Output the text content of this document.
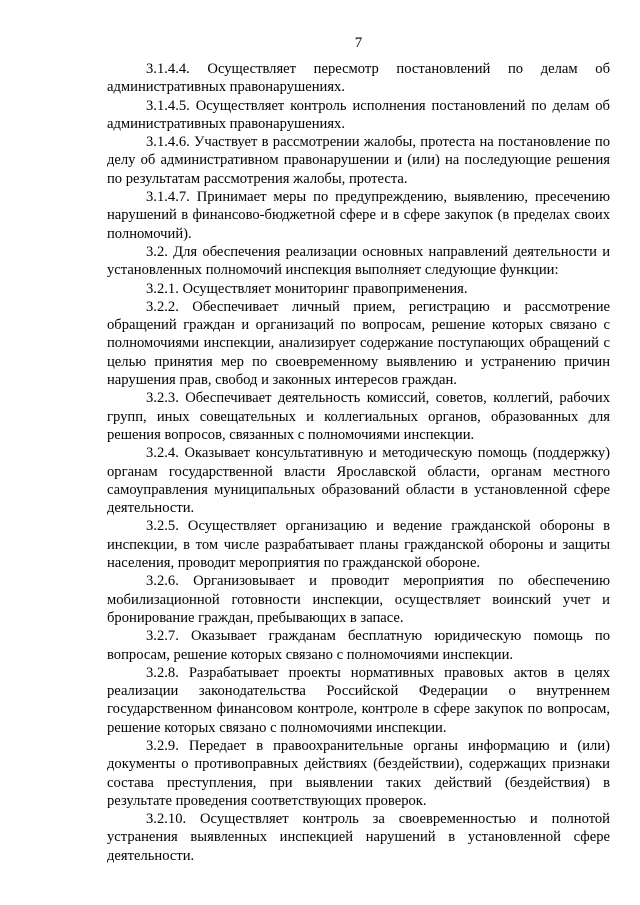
7

3.1.4.4. Осуществляет пересмотр постановлений по делам об административных правонарушениях.

3.1.4.5. Осуществляет контроль исполнения постановлений по делам об административных правонарушениях.

3.1.4.6. Участвует в рассмотрении жалобы, протеста на постановление по делу об административном правонарушении и (или) на последующие решения по результатам рассмотрения жалобы, протеста.

3.1.4.7. Принимает меры по предупреждению, выявлению, пресечению нарушений в финансово-бюджетной сфере и в сфере закупок (в пределах своих полномочий).

3.2. Для обеспечения реализации основных направлений деятельности и установленных полномочий инспекция выполняет следующие функции:

3.2.1. Осуществляет мониторинг правоприменения.

3.2.2. Обеспечивает личный прием, регистрацию и рассмотрение обращений граждан и организаций по вопросам, решение которых связано с полномочиями инспекции, анализирует содержание поступающих обращений с целью принятия мер по своевременному выявлению и устранению причин нарушения прав, свобод и законных интересов граждан.

3.2.3. Обеспечивает деятельность комиссий, советов, коллегий, рабочих групп, иных совещательных и коллегиальных органов, образованных для решения вопросов, связанных с полномочиями инспекции.

3.2.4. Оказывает консультативную и методическую помощь (поддержку) органам государственной власти Ярославской области, органам местного самоуправления муниципальных образований области в установленной сфере деятельности.

3.2.5. Осуществляет организацию и ведение гражданской обороны в инспекции, в том числе разрабатывает планы гражданской обороны и защиты населения, проводит мероприятия по гражданской обороне.

3.2.6. Организовывает и проводит мероприятия по обеспечению мобилизационной готовности инспекции, осуществляет воинский учет и бронирование граждан, пребывающих в запасе.

3.2.7. Оказывает гражданам бесплатную юридическую помощь по вопросам, решение которых связано с полномочиями инспекции.

3.2.8. Разрабатывает проекты нормативных правовых актов в целях реализации законодательства Российской Федерации о внутреннем государственном финансовом контроле, контроле в сфере закупок по вопросам, решение которых связано с полномочиями инспекции.

3.2.9. Передает в правоохранительные органы информацию и (или) документы о противоправных действиях (бездействии), содержащих признаки состава преступления, при выявлении таких действий (бездействия) в результате проведения соответствующих проверок.

3.2.10. Осуществляет контроль за своевременностью и полнотой устранения выявленных инспекцией нарушений в установленной сфере деятельности.
